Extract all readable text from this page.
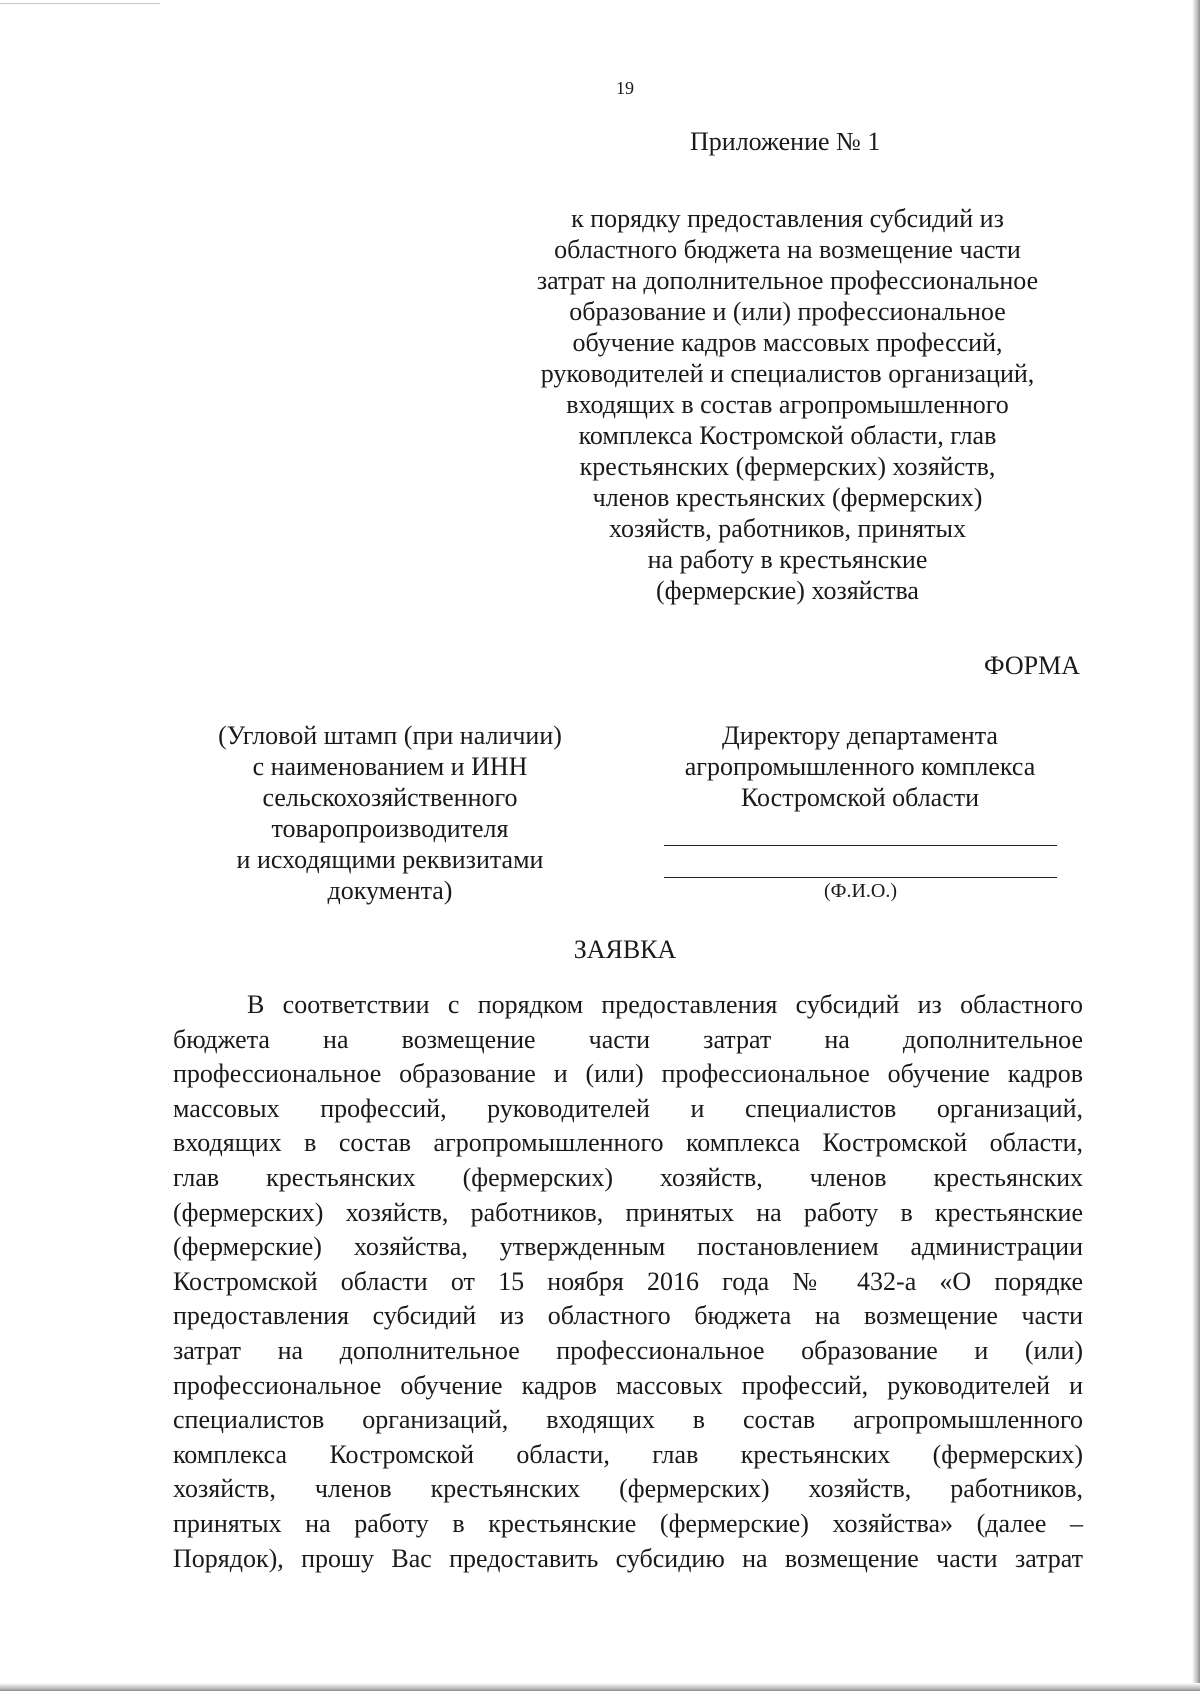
19
Приложение № 1
к порядку предоставления субсидий из
областного бюджета на возмещение части
затрат на дополнительное профессиональное
образование и (или) профессиональное
обучение кадров массовых профессий,
руководителей и специалистов организаций,
входящих в состав агропромышленного
комплекса Костромской области, глав
крестьянских (фермерских) хозяйств,
членов крестьянских (фермерских)
хозяйств, работников, принятых
на работу в крестьянские
(фермерские) хозяйства
ФОРМА
(Угловой штамп (при наличии)
с наименованием и ИНН
сельскохозяйственного
товаропроизводителя
и исходящими реквизитами
документа)
Директору департамента
агропромышленного комплекса
Костромской области
(Ф.И.О.)
ЗАЯВКА
В соответствии с порядком предоставления субсидий из областного
бюджета на возмещение части затрат на дополнительное
профессиональное образование и (или) профессиональное обучение кадров
массовых профессий, руководителей и специалистов организаций,
входящих в состав агропромышленного комплекса Костромской области,
глав крестьянских (фермерских) хозяйств, членов крестьянских
(фермерских) хозяйств, работников, принятых на работу в крестьянские
(фермерские) хозяйства, утвержденным постановлением администрации
Костромской области от 15 ноября 2016 года № 432-а «О порядке
предоставления субсидий из областного бюджета на возмещение части
затрат на дополнительное профессиональное образование и (или)
профессиональное обучение кадров массовых профессий, руководителей и
специалистов организаций, входящих в состав агропромышленного
комплекса Костромской области, глав крестьянских (фермерских)
хозяйств, членов крестьянских (фермерских) хозяйств, работников,
принятых на работу в крестьянские (фермерские) хозяйства» (далее –
Порядок), прошу Вас предоставить субсидию на возмещение части затрат
